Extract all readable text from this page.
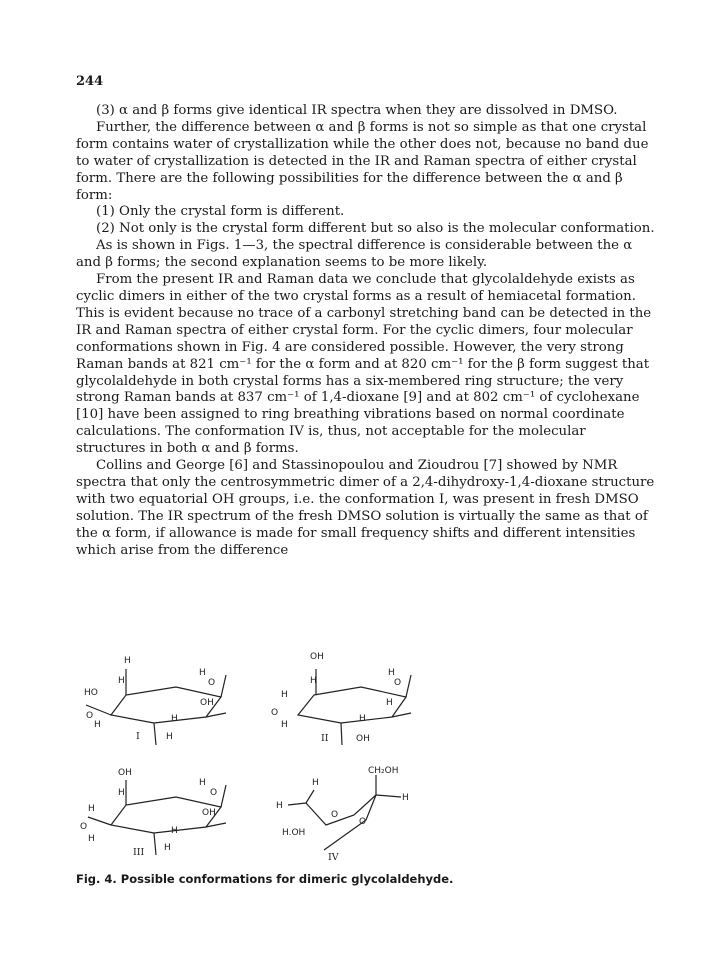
244

(3) α and β forms give identical IR spectra when they are dissolved in DMSO.

Further, the difference between α and β forms is not so simple as that one crystal form contains water of crystallization while the other does not, because no band due to water of crystallization is detected in the IR and Raman spectra of either crystal form. There are the following possibilities for the difference between the α and β form:

(1) Only the crystal form is different.

(2) Not only is the crystal form different but so also is the molecular conformation.

As is shown in Figs. 1—3, the spectral difference is considerable between the α and β forms; the second explanation seems to be more likely.

From the present IR and Raman data we conclude that glycolaldehyde exists as cyclic dimers in either of the two crystal forms as a result of hemiacetal formation. This is evident because no trace of a carbonyl stretching band can be detected in the IR and Raman spectra of either crystal form. For the cyclic dimers, four molecular conformations shown in Fig. 4 are considered possible. However, the very strong Raman bands at 821 cm⁻¹ for the α form and at 820 cm⁻¹ for the β form suggest that glycolaldehyde in both crystal forms has a six-membered ring structure; the very strong Raman bands at 837 cm⁻¹ of 1,4-dioxane [9] and at 802 cm⁻¹ of cyclohexane [10] have been assigned to ring breathing vibrations based on normal coordinate calculations. The conformation IV is, thus, not acceptable for the molecular structures in both α and β forms.

Collins and George [6] and Stassinopoulou and Zioudrou [7] showed by NMR spectra that only the centrosymmetric dimer of a 2,4-dihydroxy-1,4-dioxane structure with two equatorial OH groups, i.e. the conformation I, was present in fresh DMSO solution. The IR spectrum of the fresh DMSO solution is virtually the same as that of the α form, if allowance is made for small frequency shifts and different intensities which arise from the difference

H
H
H
O
HO
OH
O
H
H
H
I
OH
H
H
O
H
H
O
H
H
OH
II
OH
H
H
O
H	OH
O
H
H
H
III
CH₂OH
H
H
O
O
H.OH
H
IV
Fig. 4. Possible conformations for dimeric glycolaldehyde.
